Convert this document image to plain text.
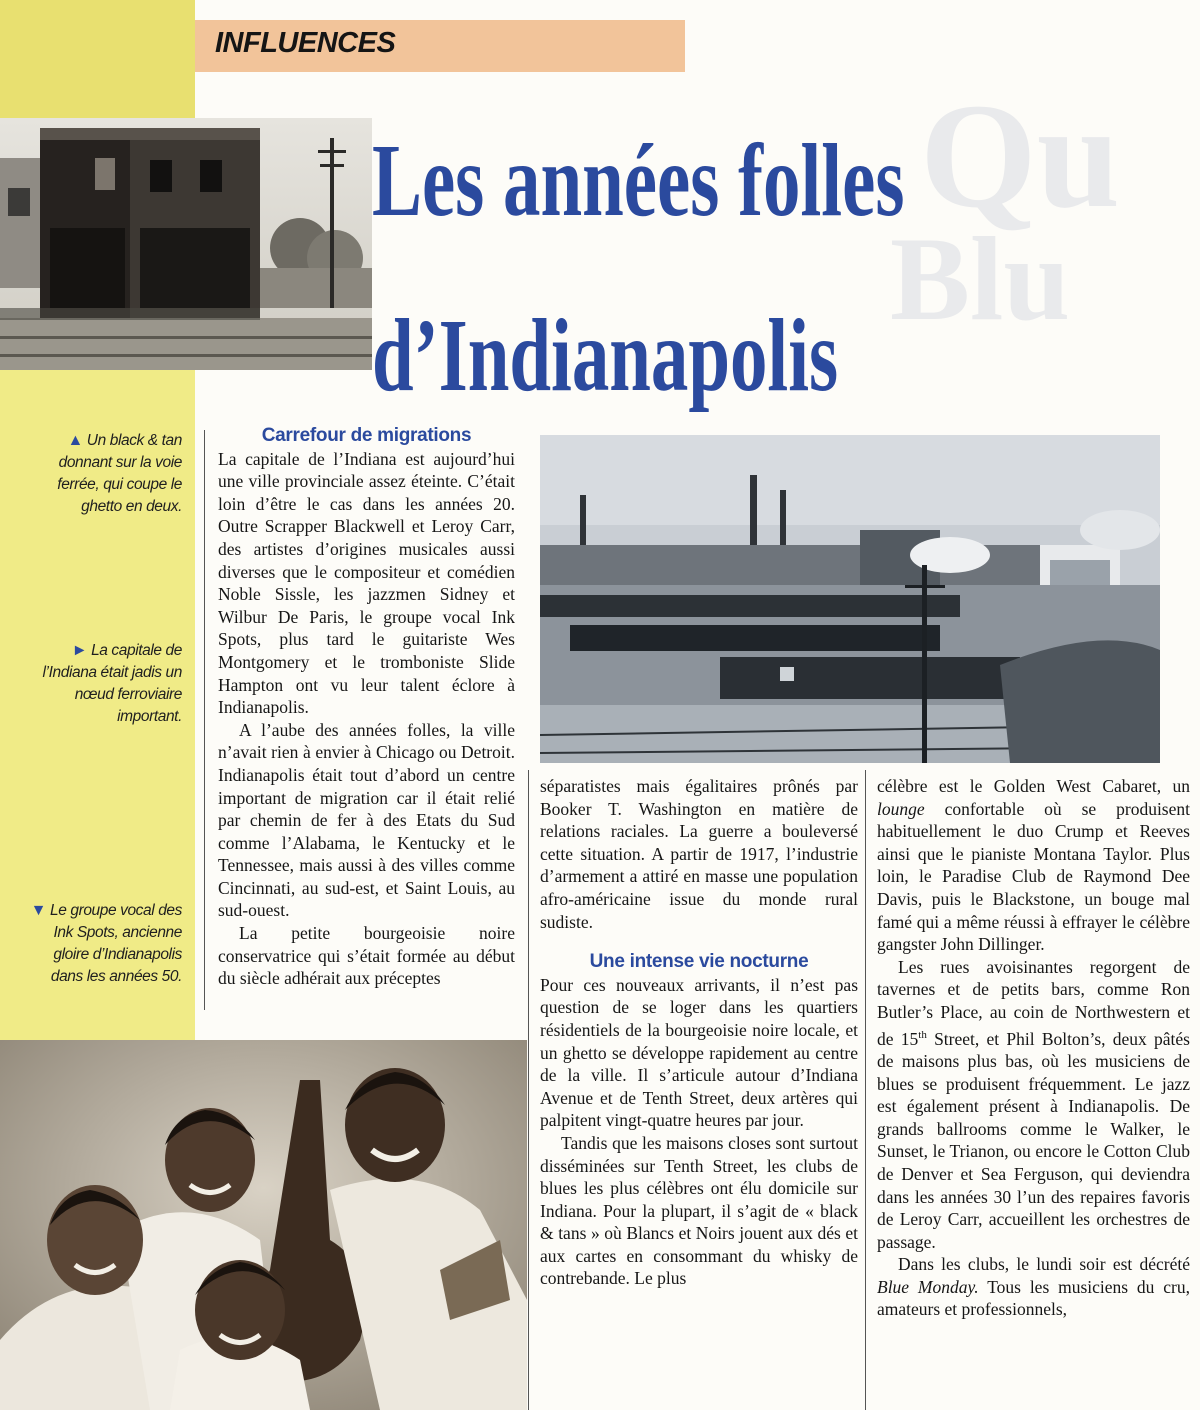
INFLUENCES
Qu
Blu
Les années folles
d’Indianapolis
▲ Un black & tan donnant sur la voie ferrée, qui coupe le ghetto en deux.
► La capitale de l’Indiana était jadis un nœud ferroviaire important.
▼ Le groupe vocal des Ink Spots, ancienne gloire d’Indianapolis dans les années 50.
Carrefour de migrations

La capitale de l’Indiana est aujourd’hui une ville provinciale assez éteinte. C’était loin d’être le cas dans les années 20. Outre Scrapper Blackwell et Leroy Carr, des artistes d’origines musicales aussi diverses que le compositeur et comédien Noble Sissle, les jazzmen Sidney et Wilbur De Paris, le groupe vocal Ink Spots, plus tard le guitariste Wes Montgomery et le tromboniste Slide Hampton ont vu leur talent éclore à Indianapolis.

A l’aube des années folles, la ville n’avait rien à envier à Chicago ou Detroit. Indianapolis était tout d’abord un centre important de migration car il était relié par chemin de fer à des Etats du Sud comme l’Alabama, le Kentucky et le Tennessee, mais aussi à des villes comme Cincinnati, au sud-est, et Saint Louis, au sud-ouest.

La petite bourgeoisie noire conservatrice qui s’était formée au début du siècle adhérait aux préceptes

séparatistes mais égalitaires prônés par Booker T. Washington en matière de relations raciales. La guerre a bouleversé cette situation. A partir de 1917, l’industrie d’armement a attiré en masse une population afro-américaine issue du monde rural sudiste.

Une intense vie nocturne

Pour ces nouveaux arrivants, il n’est pas question de se loger dans les quartiers résidentiels de la bourgeoisie noire locale, et un ghetto se développe rapidement au centre de la ville. Il s’articule autour d’Indiana Avenue et de Tenth Street, deux artères qui palpitent vingt-quatre heures par jour.

Tandis que les maisons closes sont surtout disséminées sur Tenth Street, les clubs de blues les plus célèbres ont élu domicile sur Indiana. Pour la plupart, il s’agit de « black & tans » où Blancs et Noirs jouent aux dés et aux cartes en consommant du whisky de contrebande. Le plus

célèbre est le Golden West Cabaret, un lounge confortable où se produisent habituellement le duo Crump et Reeves ainsi que le pianiste Montana Taylor. Plus loin, le Paradise Club de Raymond Dee Davis, puis le Blackstone, un bouge mal famé qui a même réussi à effrayer le célèbre gangster John Dillinger.

Les rues avoisinantes regorgent de tavernes et de petits bars, comme Ron Butler’s Place, au coin de Northwestern et de 15th Street, et Phil Bolton’s, deux pâtés de maisons plus bas, où les musiciens de blues se produisent fréquemment. Le jazz est également présent à Indianapolis. De grands ballrooms comme le Walker, le Sunset, le Trianon, ou encore le Cotton Club de Denver et Sea Ferguson, qui deviendra dans les années 30 l’un des repaires favoris de Leroy Carr, accueillent les orchestres de passage.

Dans les clubs, le lundi soir est décrété Blue Monday. Tous les musiciens du cru, amateurs et professionnels,
